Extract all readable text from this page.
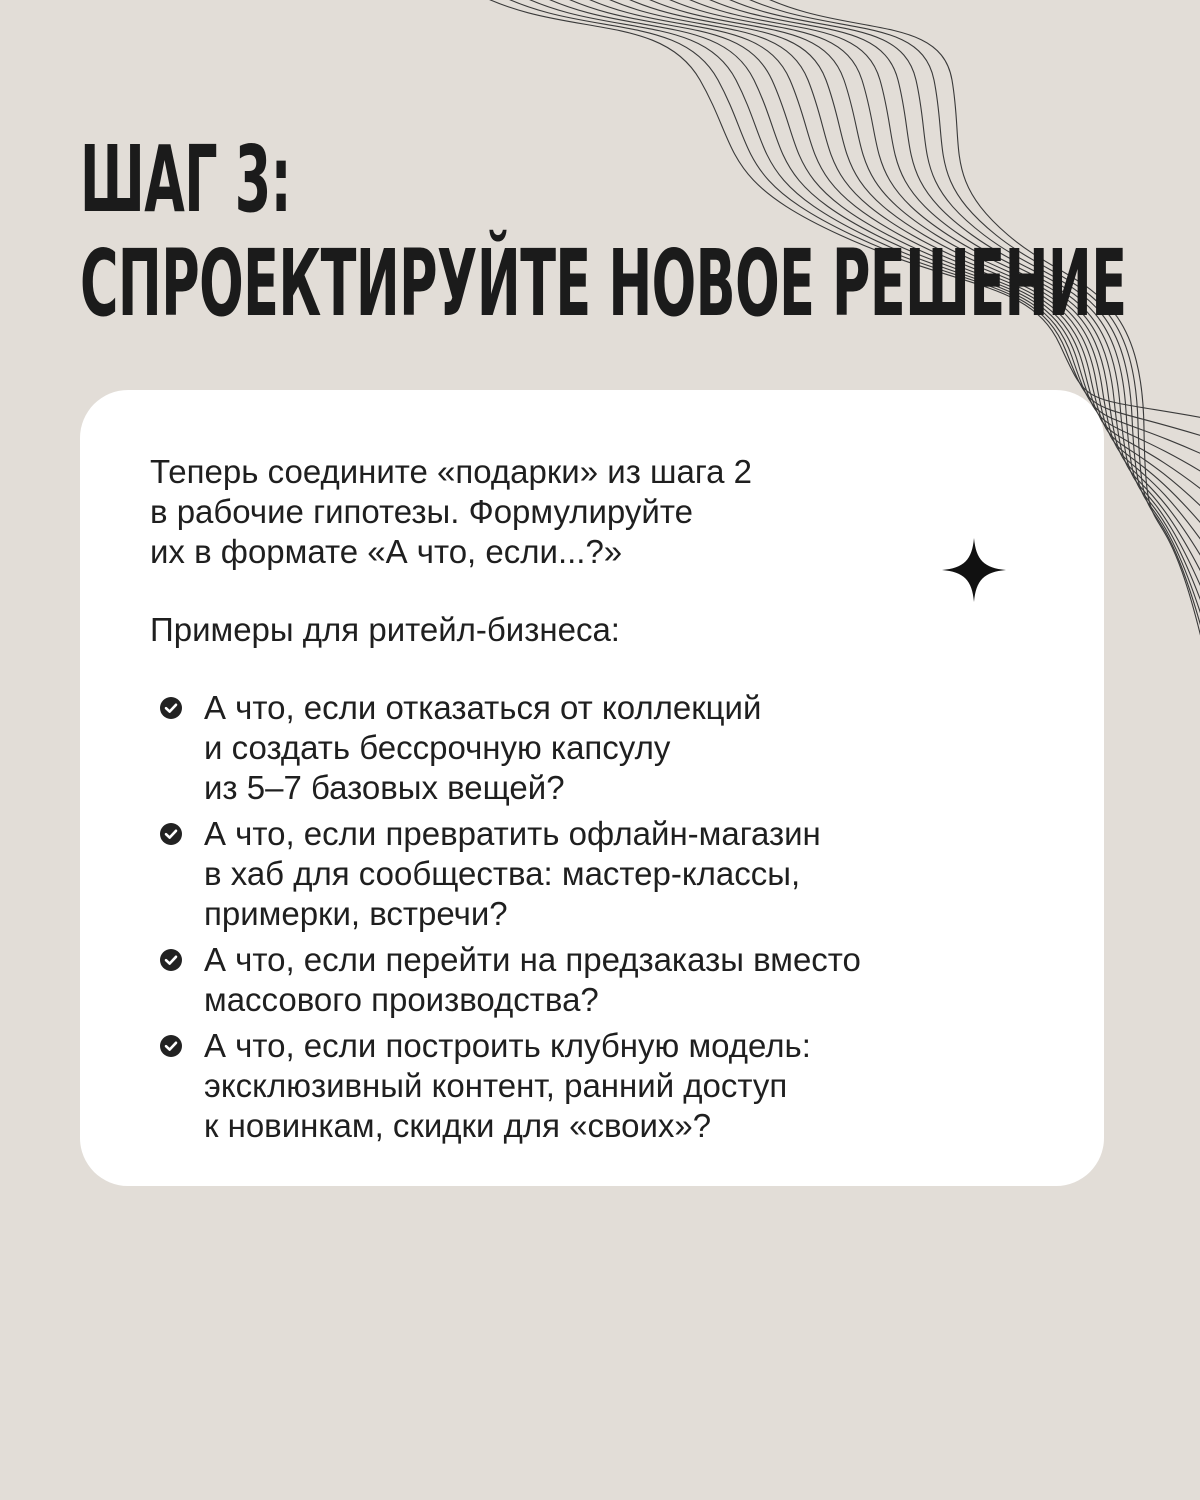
ШАГ 3:
СПРОЕКТИРУЙТЕ НОВОЕ РЕШЕНИЕ

Теперь соедините «подарки» из шага 2

в рабочие гипотезы. Формулируйте

их в формате «А что, если...?»

Примеры для ритейл-бизнеса:

А что, если отказаться от коллекций
и создать бессрочную капсулу
из 5–7 базовых вещей?
А что, если превратить офлайн-магазин
в хаб для сообщества: мастер-классы,
примерки, встречи?
А что, если перейти на предзаказы вместо
массового производства?
А что, если построить клубную модель:
эксклюзивный контент, ранний доступ
к новинкам, скидки для «своих»?
